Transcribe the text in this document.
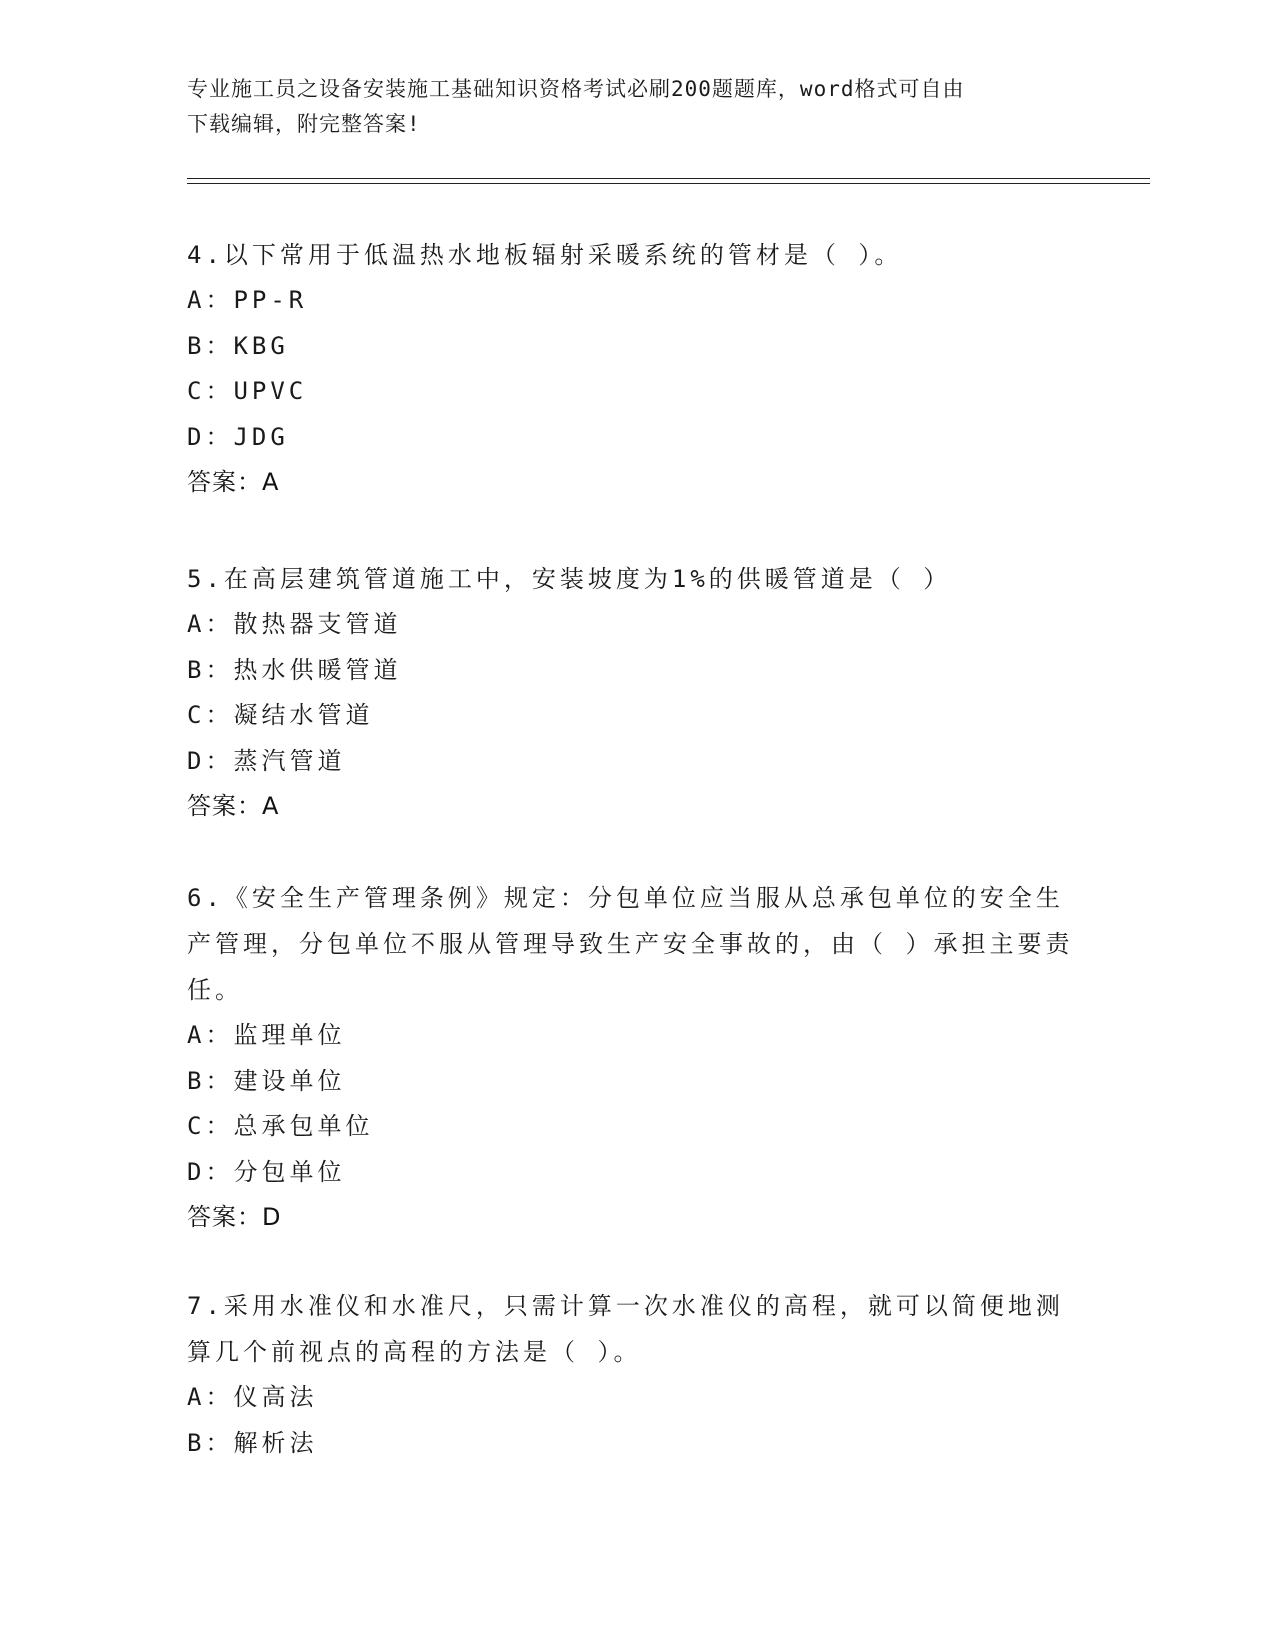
专业施工员之设备安装施工基础知识资格考试必刷200题题库，word格式可自由
下载编辑，附完整答案!

4.以下常用于低温热水地板辐射采暖系统的管材是（ ）。

A：PP-R

B：KBG

C：UPVC

D：JDG

答案：A

5.在高层建筑管道施工中，安装坡度为1%的供暖管道是（ ）

A：散热器支管道

B：热水供暖管道

C：凝结水管道

D：蒸汽管道

答案：A

6.《安全生产管理条例》规定：分包单位应当服从总承包单位的安全生产管理，分包单位不服从管理导致生产安全事故的，由（ ）承担主要责任。

A：监理单位

B：建设单位

C：总承包单位

D：分包单位

答案：D

7.采用水准仪和水准尺，只需计算一次水准仪的高程，就可以简便地测算几个前视点的高程的方法是（ ）。

A：仪高法

B：解析法
